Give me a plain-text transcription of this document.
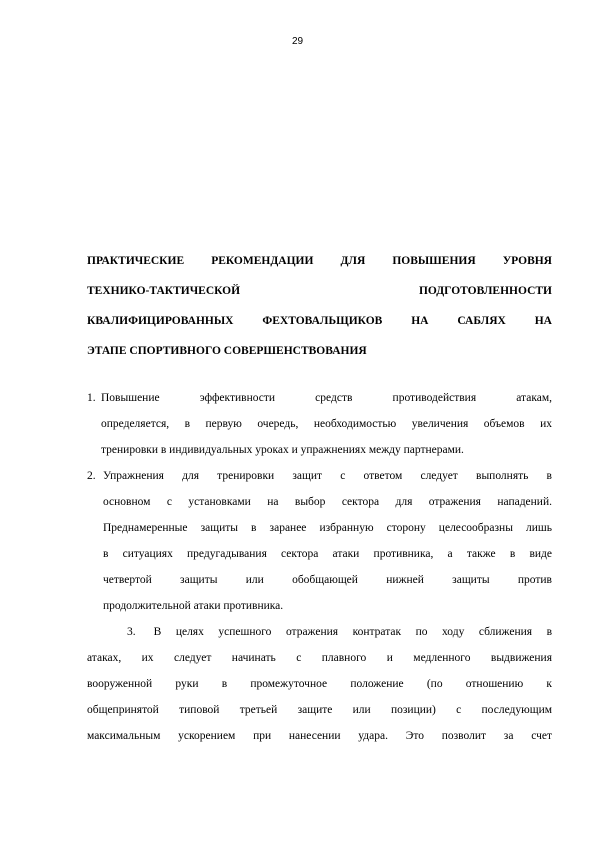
29
ПРАКТИЧЕСКИЕ РЕКОМЕНДАЦИИ ДЛЯ ПОВЫШЕНИЯ УРОВНЯ
ТЕХНИКО-ТАКТИЧЕСКОЙ ПОДГОТОВЛЕННОСТИ
КВАЛИФИЦИРОВАННЫХ ФЕХТОВАЛЬЩИКОВ НА САБЛЯХ НА
ЭТАПЕ СПОРТИВНОГО СОВЕРШЕНСТВОВАНИЯ
1. Повышение эффективности средств противодействия атакам,
определяется, в первую очередь, необходимостью увеличения объемов их
тренировки в индивидуальных уроках и упражнениях между партнерами.
2. Упражнения для тренировки защит с ответом следует выполнять в
основном с установками на выбор сектора для отражения нападений.
Преднамеренные защиты в заранее избранную сторону целесообразны лишь
в ситуациях предугадывания сектора атаки противника, а также в виде
четвертой защиты или обобщающей нижней защиты против
продолжительной атаки противника.
3.	В целях успешного отражения контратак по ходу сближения в
атаках, их следует начинать с плавного и медленного выдвижения
вооруженной руки в промежуточное положение (по отношению к
общепринятой типовой третьей защите или позиции) с последующим
максимальным ускорением при нанесении удара. Это позволит за счет
